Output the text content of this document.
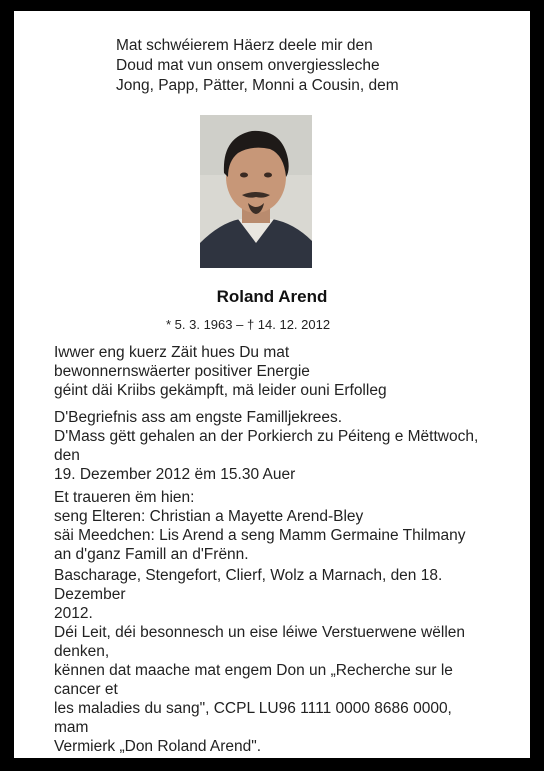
Mat schwéierem Häerz deele mir den
Doud mat vun onsem onvergiessleche
Jong, Papp, Pätter, Monni a Cousin, dem
Roland Arend
* 5. 3. 1963 – † 14. 12. 2012
Iwwer eng kuerz Zäit hues Du mat
bewonnernswäerter positiver Energie
géint däi Kriibs gekämpft, mä leider ouni Erfolleg
D'Begriefnis ass am engste Familljekrees.
D'Mass gëtt gehalen an der Porkierch zu Péiteng e Mëttwoch,
den
19. Dezember 2012 ëm 15.30 Auer
Et traueren ëm hien:
seng Elteren: Christian a Mayette Arend-Bley
säi Meedchen: Lis Arend a seng Mamm Germaine Thilmany
an d'ganz Famill an d'Frënn.
Bascharage, Stengefort, Clierf, Wolz a Marnach, den 18.
Dezember
2012.
Déi Leit, déi besonnesch un eise léiwe Verstuerwene wëllen
denken,
kënnen dat maache mat engem Don un „Recherche sur le
cancer et
les maladies du sang", CCPL LU96 1111 0000 8686 0000,
mam
Vermierk „Don Roland Arend".
